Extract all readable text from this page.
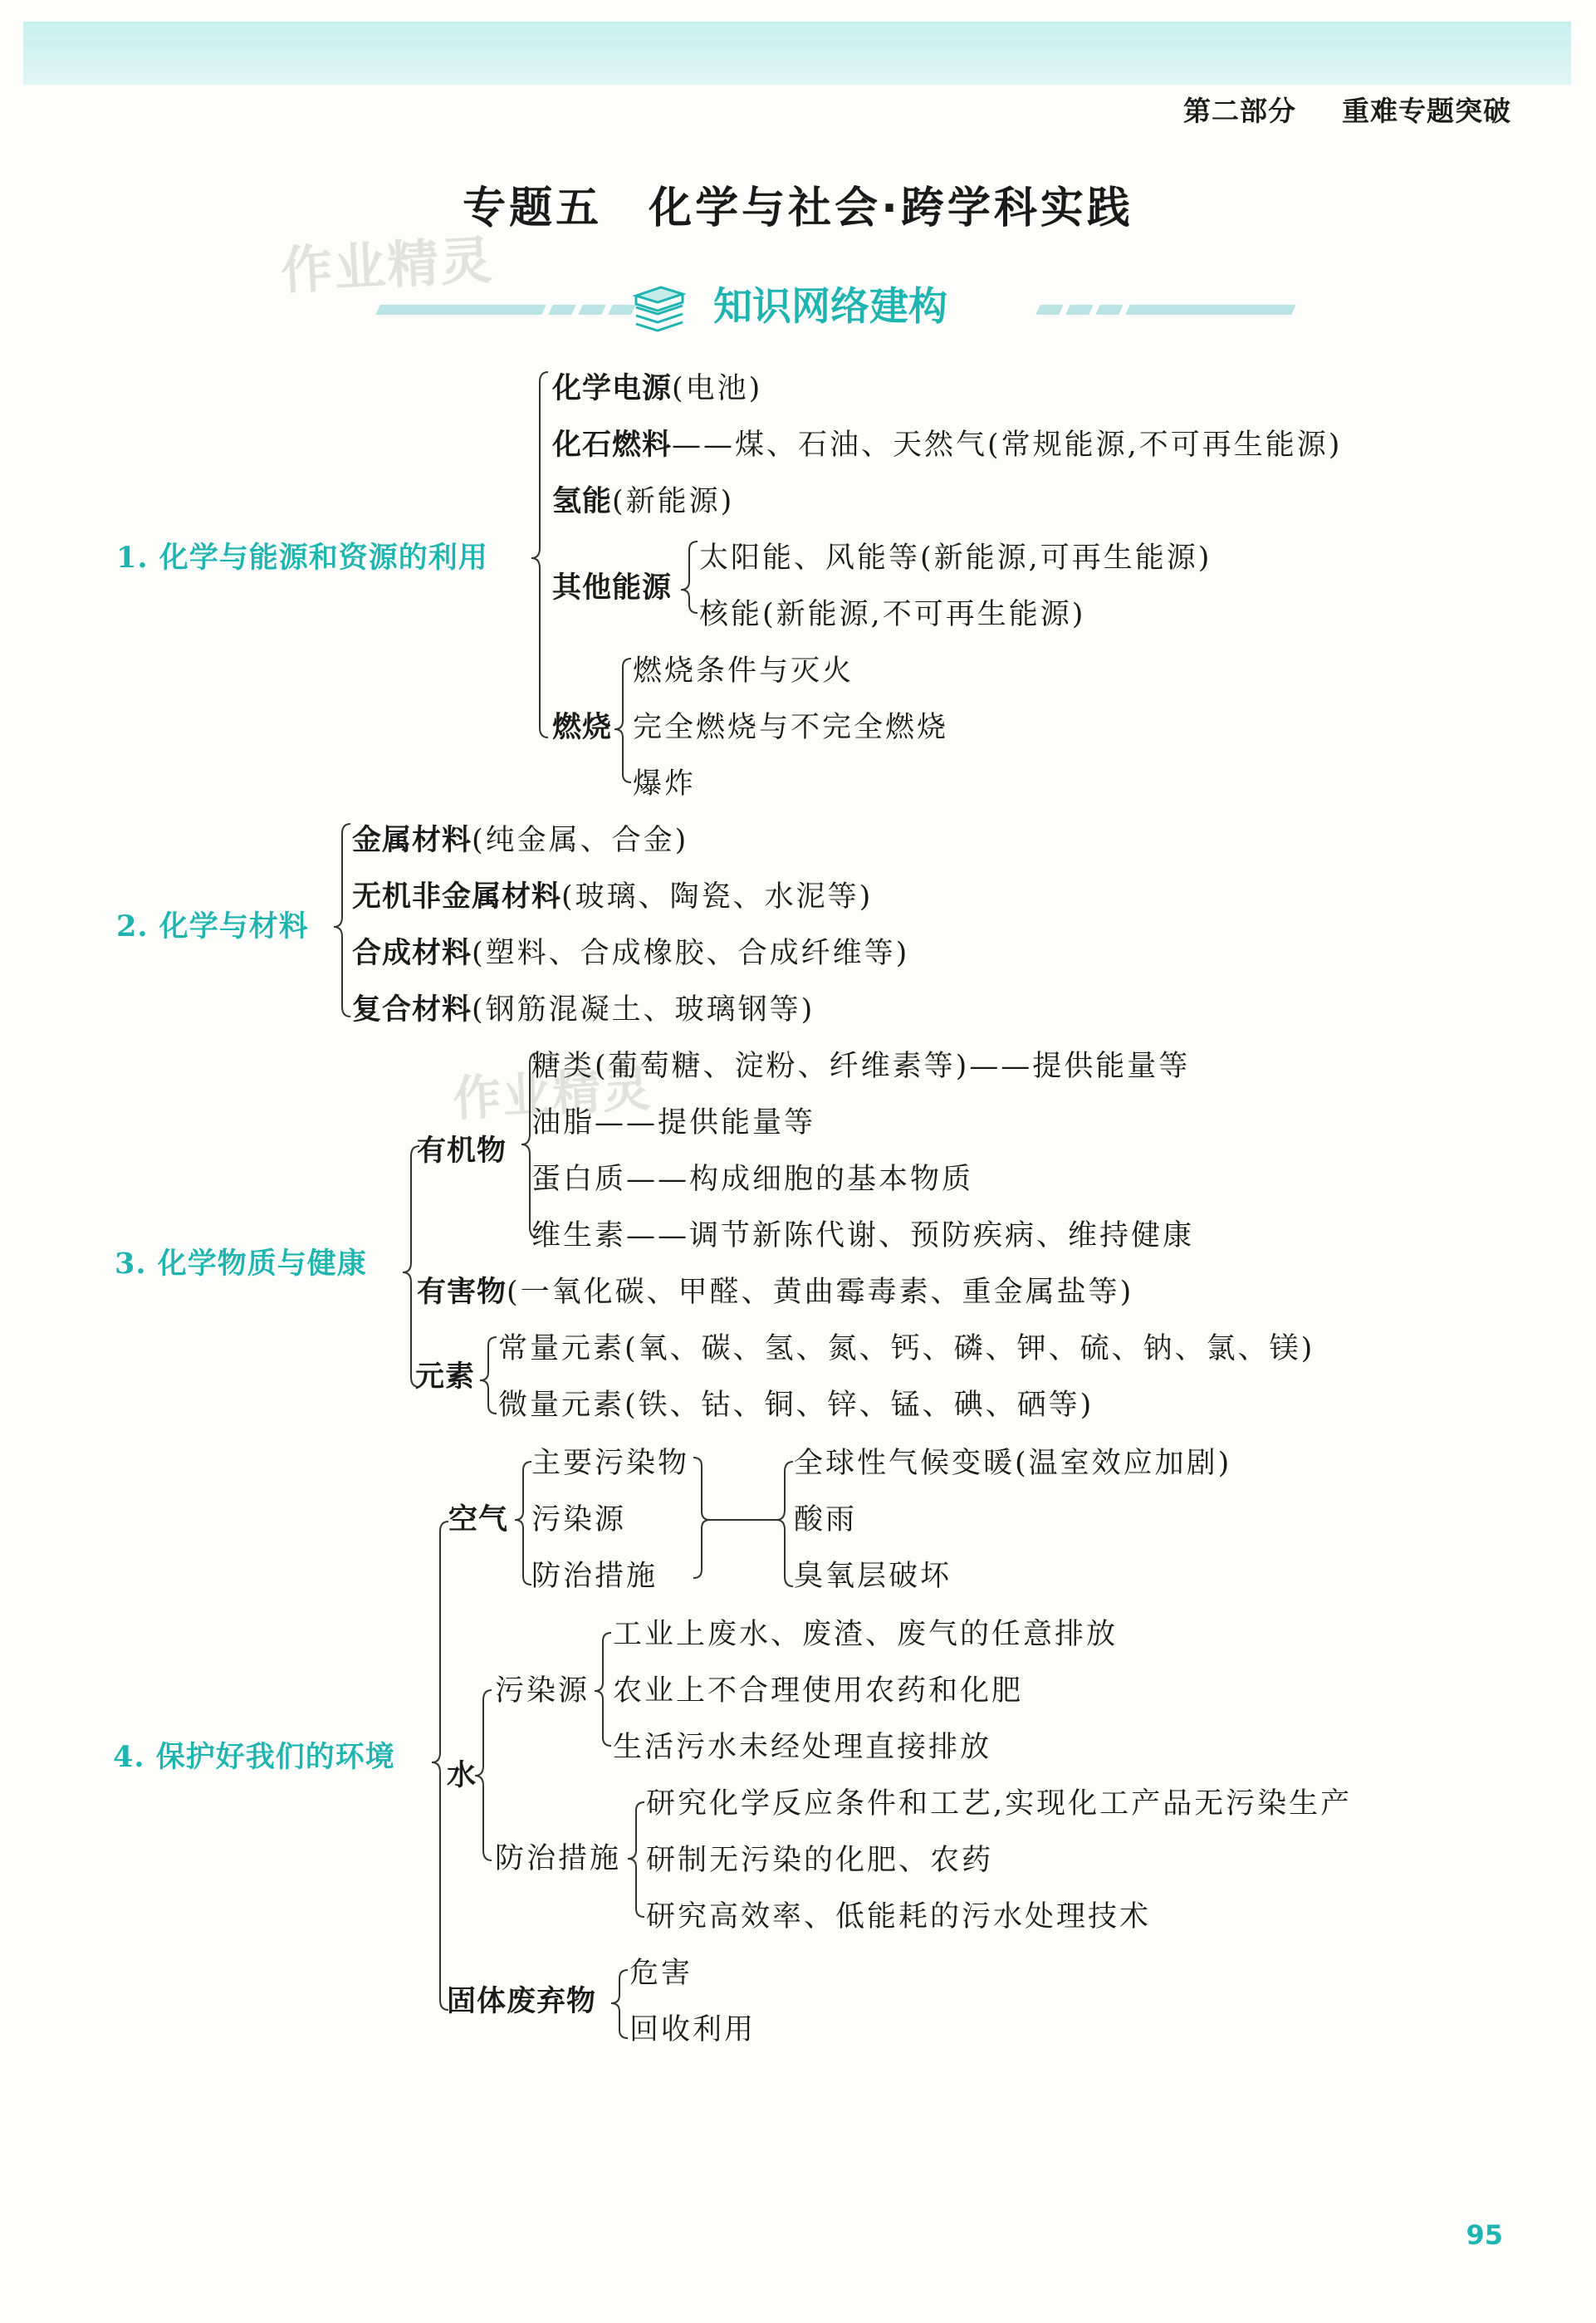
第二部分 重难专题突破
专题五　化学与社会·跨学科实践
作业精灵
作业精灵
知识网络建构
1. 化学与能源和资源的利用
化学电源(电池)
化石燃料——煤、石油、天然气(常规能源,不可再生能源)
氢能(新能源)
其他能源
太阳能、风能等(新能源,可再生能源)
核能(新能源,不可再生能源)
燃烧
燃烧条件与灭火
完全燃烧与不完全燃烧
爆炸
2. 化学与材料
金属材料(纯金属、合金)
无机非金属材料(玻璃、陶瓷、水泥等)
合成材料(塑料、合成橡胶、合成纤维等)
复合材料(钢筋混凝土、玻璃钢等)
3. 化学物质与健康
有机物
糖类(葡萄糖、淀粉、纤维素等)——提供能量等
油脂——提供能量等
蛋白质——构成细胞的基本物质
维生素——调节新陈代谢、预防疾病、维持健康
有害物(一氧化碳、甲醛、黄曲霉毒素、重金属盐等)
元素
常量元素(氧、碳、氢、氮、钙、磷、钾、硫、钠、氯、镁)
微量元素(铁、钴、铜、锌、锰、碘、硒等)
4. 保护好我们的环境
空气
主要污染物
污染源
防治措施
全球性气候变暖(温室效应加剧)
酸雨
臭氧层破坏
水
污染源
工业上废水、废渣、废气的任意排放
农业上不合理使用农药和化肥
生活污水未经处理直接排放
防治措施
研究化学反应条件和工艺,实现化工产品无污染生产
研制无污染的化肥、农药
研究高效率、低能耗的污水处理技术
固体废弃物
危害
回收利用
95
